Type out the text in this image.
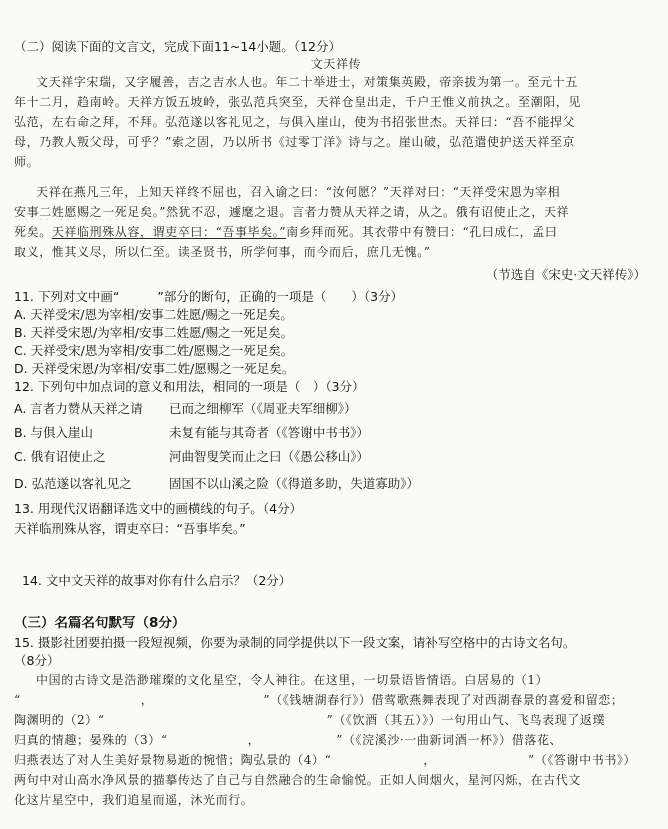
（二）阅读下面的文言文，完成下面11~14小题。（12分）
文天祥传
文天祥字宋瑞，又字履善，吉之吉水人也。年二十举进士，对策集英殿，帝亲拔为第一。至元十五
年十二月，趋南岭。天祥方饭五坡岭，张弘范兵突至，天祥仓皇出走，千户王惟义前执之。至潮阳，见
弘范，左右命之拜，不拜。弘范遂以客礼见之，与俱入崖山，使为书招张世杰。天祥曰：“吾不能捍父
母，乃教人叛父母，可乎？”索之固，乃以所书《过零丁洋》诗与之。崖山破，弘范遣使护送天祥至京
师。
天祥在燕凡三年，上知天祥终不屈也，召入谕之曰：“汝何愿？”天祥对曰：“天祥受宋恩为宰相
安事二姓愿赐之一死足矣。”然犹不忍，遽麾之退。言者力赞从天祥之请，从之。俄有诏使止之，天祥
死矣。天祥临刑殊从容，谓吏卒曰：“吾事毕矣。”南乡拜而死。其衣带中有赞曰：“孔曰成仁，孟曰
取义，惟其义尽，所以仁至。读圣贤书，所学何事，而今而后，庶几无愧。”
（节选自《宋史·文天祥传》）
11. 下列对文中画“	”部分的断句，正确的一项是（　　）（3分）
A. 天祥受宋/恩为宰相/安事二姓愿/赐之一死足矣。
B. 天祥受宋恩/为宰相/安事二姓愿/赐之一死足矣。
C. 天祥受宋/恩为宰相/安事二姓/愿赐之一死足矣。
D. 天祥受宋恩/为宰相/安事二姓/愿赐之一死足矣。
12. 下列句中加点词的意义和用法，相同的一项是（　）（3分）
A. 言者力赞从天祥之请 已而之细柳军（《周亚夫军细柳》）
B. 与俱入崖山	未复有能与其奇者（《答谢中书书》）
C. 俄有诏使止之	河曲智叟笑而止之曰（《愚公移山》）
D. 弘范遂以客礼见之	固国不以山溪之险（《得道多助，失道寡助》）
13. 用现代汉语翻译选文中的画横线的句子。（4分）
天祥临刑殊从容，谓吏卒曰：“吾事毕矣。”
14. 文中文天祥的故事对你有什么启示？（2分）
（三）名篇名句默写（8分）
15. 摄影社团要拍摄一段短视频，你要为录制的同学提供以下一段文案，请补写空格中的古诗文名句。
（8分）
中国的古诗文是浩渺璀璨的文化星空，令人神往。在这里，一切景语皆情语。白居易的（1）
“	，	”（《钱塘湖春行》）借莺歌燕舞表现了对西湖春景的喜爱和留恋；
陶渊明的（2）“	”（《饮酒（其五）》）一句用山气、飞鸟表现了返璞
归真的情趣；晏殊的（3）“	，	”（《浣溪沙·一曲新词酒一杯》）借落花、
归燕表达了对人生美好景物易逝的惋惜；陶弘景的（4）“	，	”（《答谢中书书》）
两句中对山高水净风景的描摹传达了自己与自然融合的生命愉悦。正如人间烟火，星河闪烁，在古代文
化这片星空中，我们追星而遥，沐光而行。
